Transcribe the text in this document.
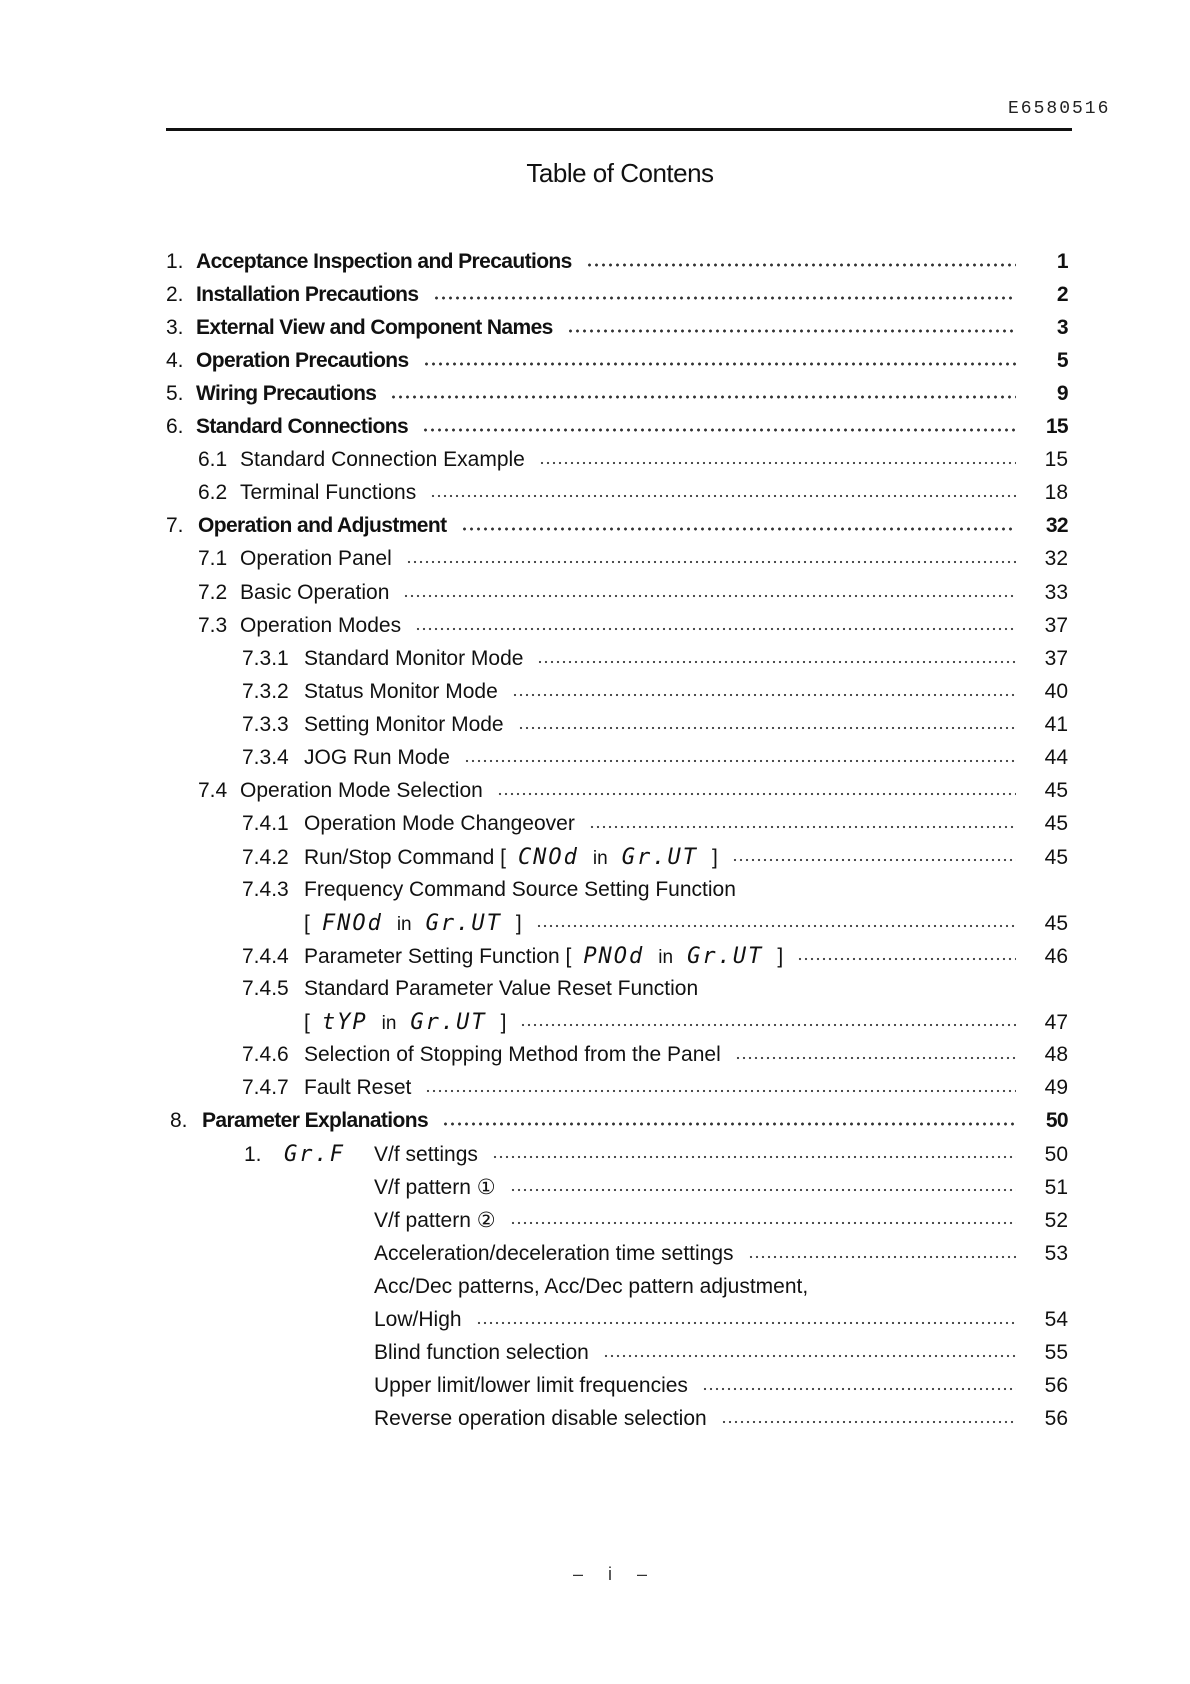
E6580516
Table of Contens
1. Acceptance Inspection and Precautions	1
2. Installation Precautions	2
3. External View and Component Names	3
4. Operation Precautions	5
5. Wiring Precautions	9
6. Standard Connections	15
6.1 Standard Connection Example	15
6.2 Terminal Functions	18
7. Operation and Adjustment	32
7.1 Operation Panel	32
7.2 Basic Operation	33
7.3 Operation Modes	37
7.3.1 Standard Monitor Mode	37
7.3.2 Status Monitor Mode	40
7.3.3 Setting Monitor Mode	41
7.3.4 JOG Run Mode	44
7.4 Operation Mode Selection	45
7.4.1 Operation Mode Changeover	45
7.4.2 Run/Stop Command [ CNOd in Gr.UT ]	45
7.4.3 Frequency Command Source Setting Function
[ FNOd in Gr.UT ]	45
7.4.4 Parameter Setting Function [ PNOd in Gr.UT ]	46
7.4.5 Standard Parameter Value Reset Function
[ tYP in Gr.UT ]	47
7.4.6 Selection of Stopping Method from the Panel	48
7.4.7 Fault Reset	49
8. Parameter Explanations	50
1.	Gr.F	V/f settings	50
V/f pattern ①	51
V/f pattern ②	52
Acceleration/deceleration time settings	53
Acc/Dec patterns, Acc/Dec pattern adjustment,
Low/High	54
Blind function selection	55
Upper limit/lower limit frequencies	56
Reverse operation disable selection	56
– i –
